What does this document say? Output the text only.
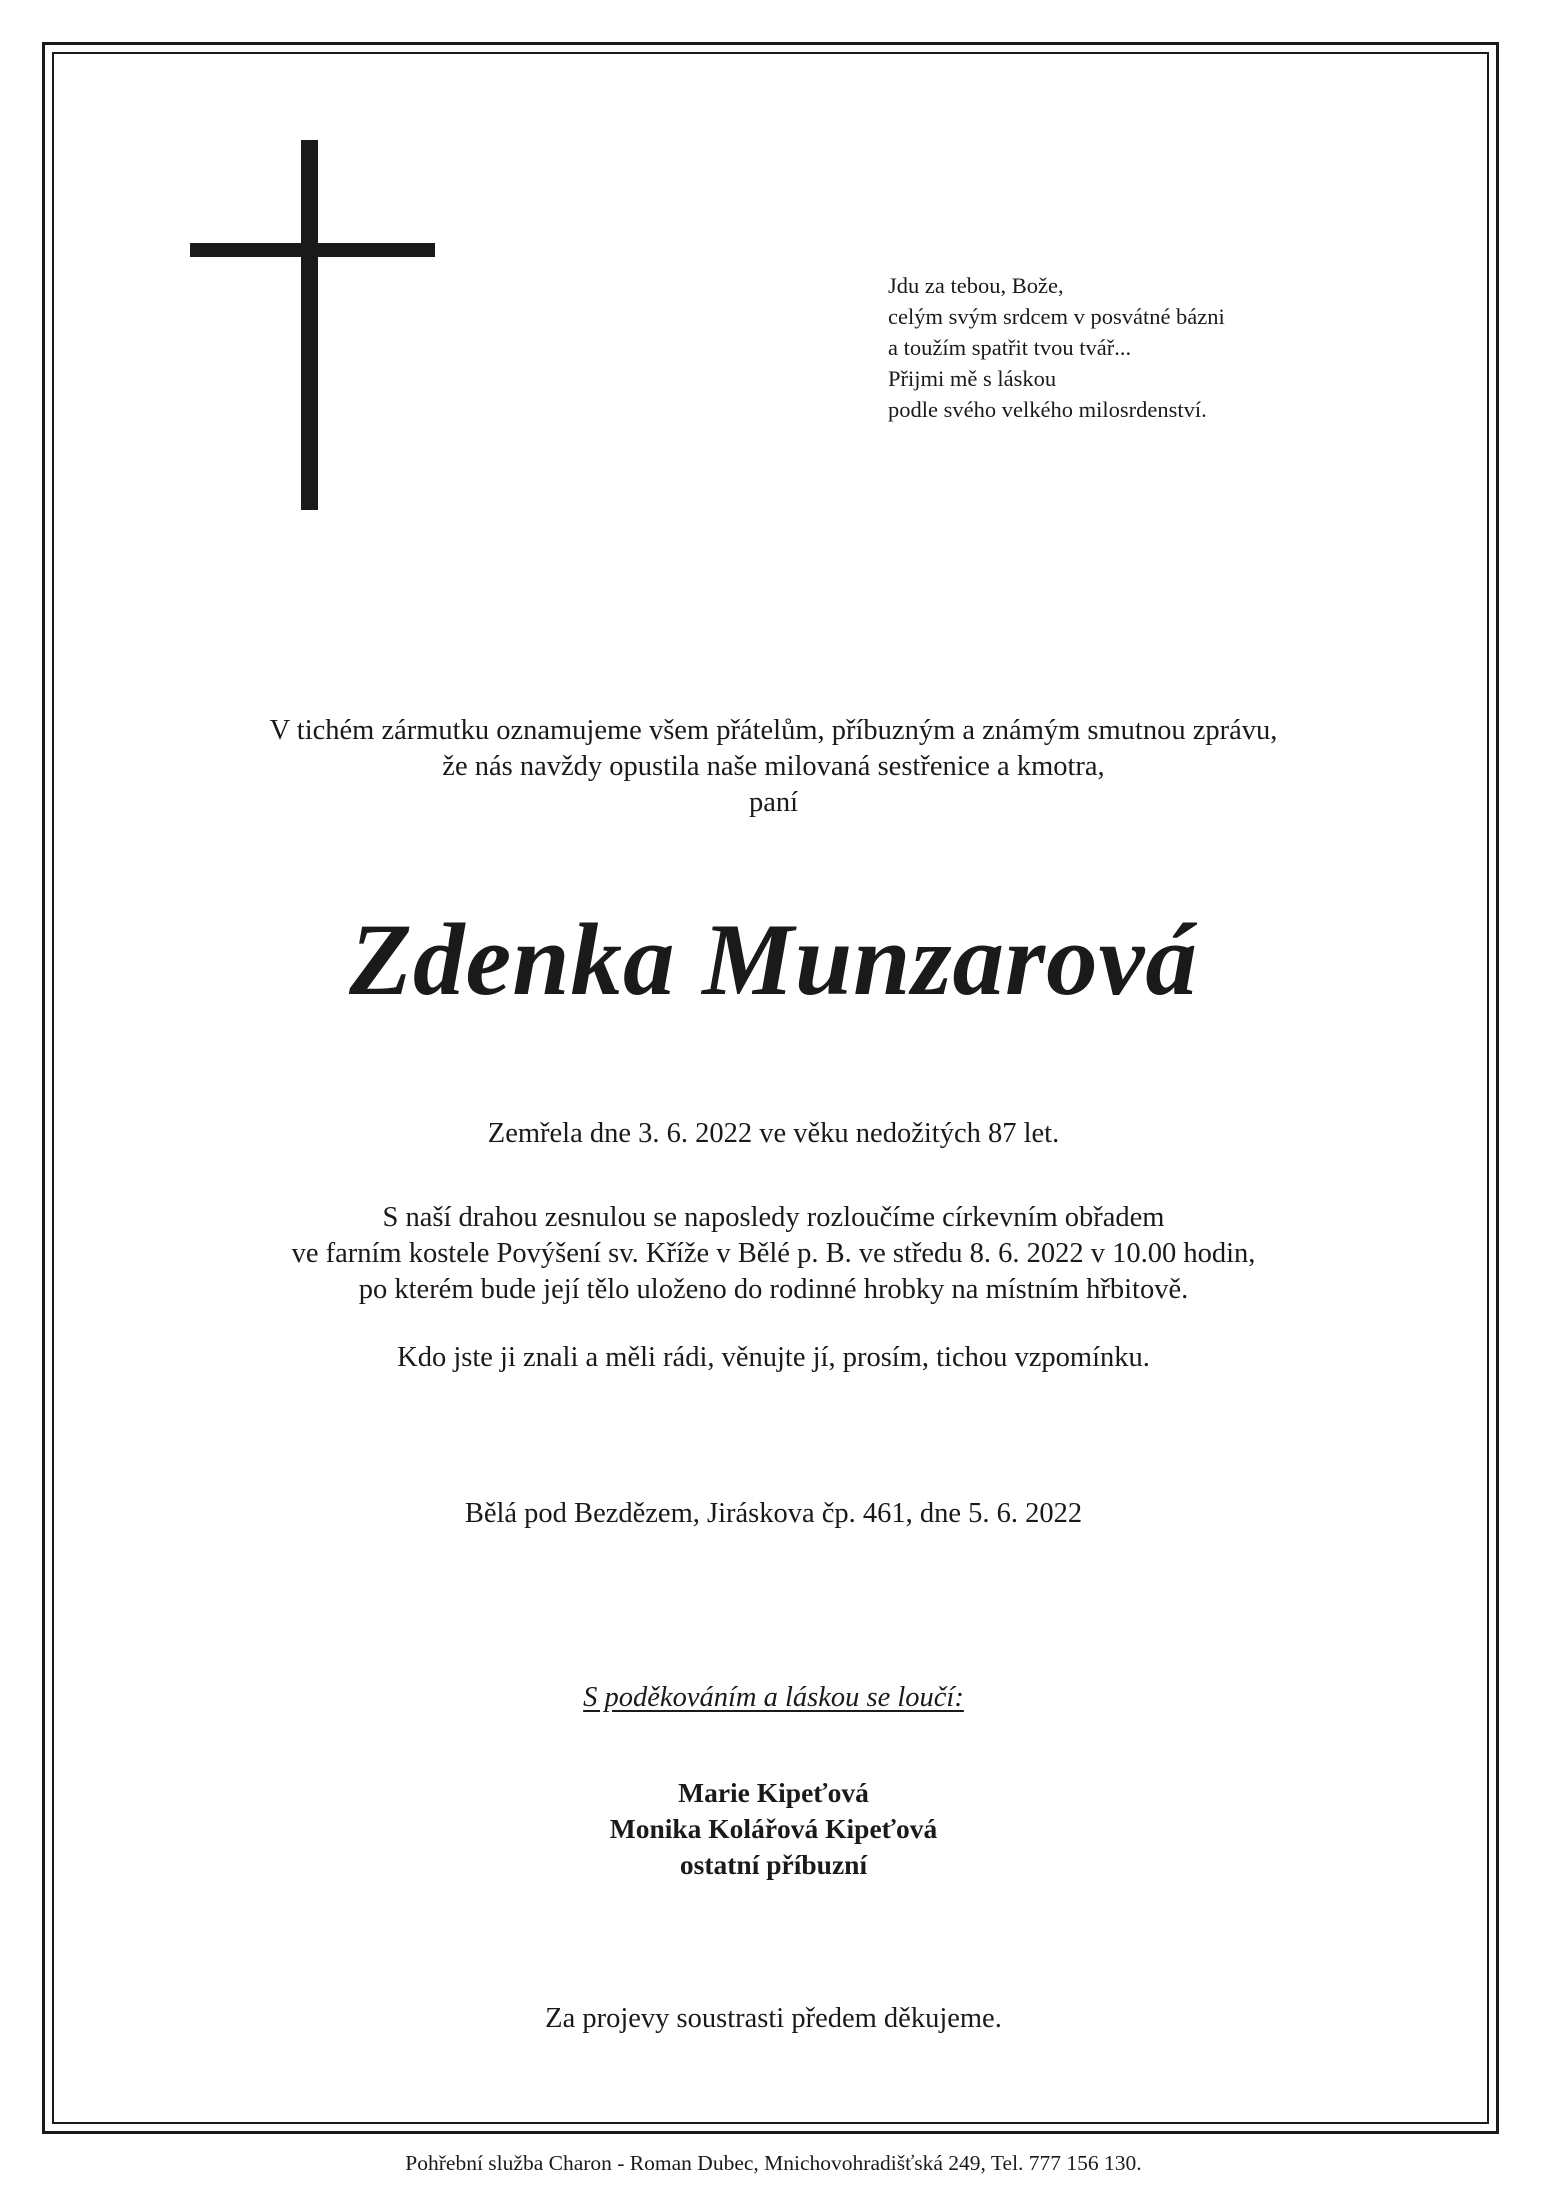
Jdu za tebou, Bože,
celým svým srdcem v posvátné bázni
a toužím spatřit tvou tvář...
Přijmi mě s láskou
podle svého velkého milosrdenství.
V tichém zármutku oznamujeme všem přátelům, příbuzným a známým smutnou zprávu,
že nás navždy opustila naše milovaná sestřenice a kmotra,
paní
Zdenka Munzarová
Zemřela dne 3. 6. 2022 ve věku nedožitých 87 let.
S naší drahou zesnulou se naposledy rozloučíme církevním obřadem
ve farním kostele Povýšení sv. Kříže v Bělé p. B. ve středu 8. 6. 2022 v 10.00 hodin,
po kterém bude její tělo uloženo do rodinné hrobky na místním hřbitově.
Kdo jste ji znali a měli rádi, věnujte jí, prosím, tichou vzpomínku.
Bělá pod Bezdězem, Jiráskova čp. 461, dne 5. 6. 2022
S poděkováním a láskou se loučí:
Marie Kipeťová
Monika Kolářová Kipeťová
ostatní příbuzní
Za projevy soustrasti předem děkujeme.
Pohřební služba Charon - Roman Dubec, Mnichovohradišťská 249, Tel. 777 156 130.
